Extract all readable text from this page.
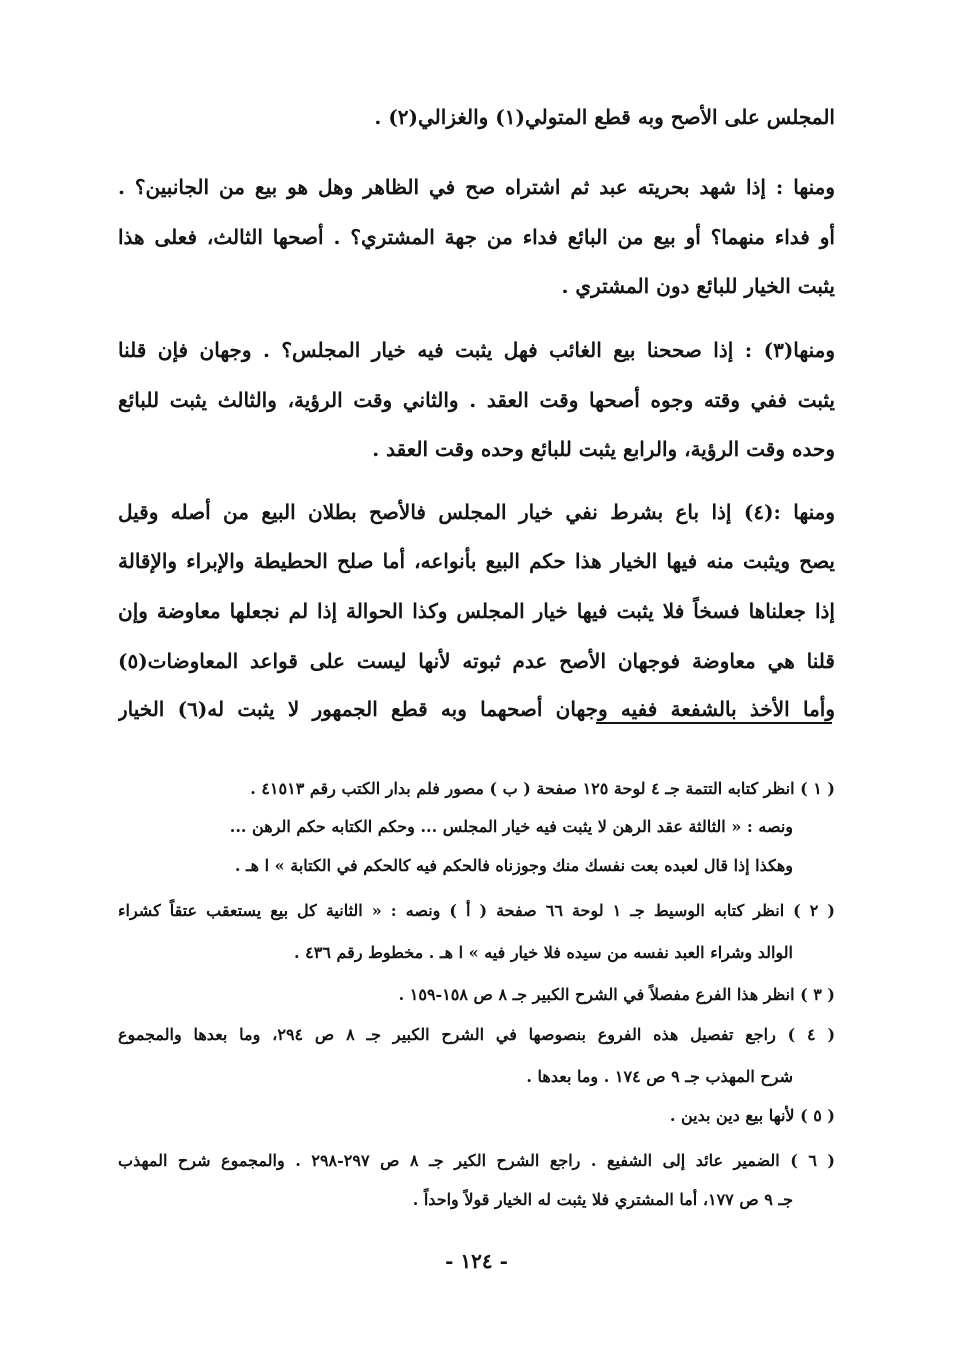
المجلس على الأصح وبه قطع المتولي(١) والغزالي(٢) .

ومنها : إذا شهد بحريته عبد ثم اشتراه صح في الظاهر وهل هو بيع من الجانبين؟ .

أو فداء منهما؟ أو بيع من البائع فداء من جهة المشتري؟ . أصحها الثالث، فعلى هذا

يثبت الخيار للبائع دون المشتري .

ومنها(٣) : إذا صححنا بيع الغائب فهل يثبت فيه خيار المجلس؟ . وجهان فإن قلنا

يثبت ففي وقته وجوه أصحها وقت العقد . والثاني وقت الرؤية، والثالث يثبت للبائع

وحده وقت الرؤية، والرابع يثبت للبائع وحده وقت العقد .

ومنها :(٤) إذا باع بشرط نفي خيار المجلس فالأصح بطلان البيع من أصله وقيل

يصح ويثبت منه فيها الخيار هذا حكم البيع بأنواعه، أما صلح الحطيطة والإبراء والإقالة

إذا جعلناها فسخاً فلا يثبت فيها خيار المجلس وكذا الحوالة إذا لم نجعلها معاوضة وإن

قلنا هي معاوضة فوجهان الأصح عدم ثبوته لأنها ليست على قواعد المعاوضات(٥)

وأما الأخذ بالشفعة ففيه وجهان أصحهما وبه قطع الجمهور لا يثبت له(٦) الخيار

( ١ ) انظر كتابه التتمة جـ ٤ لوحة ١٢٥ صفحة ( ب ) مصور فلم بدار الكتب رقم ٤١٥١٣ .

ونصه : « الثالثة عقد الرهن لا يثبت فيه خيار المجلس ... وحكم الكتابه حكم الرهن ...

وهكذا إذا قال لعبده بعت نفسك منك وجوزناه فالحكم فيه كالحكم في الكتابة » ا هـ .

( ٢ ) انظر كتابه الوسيط جـ ١ لوحة ٦٦ صفحة ( أ ) ونصه : « الثانية كل بيع يستعقب عتقاً كشراء

الوالد وشراء العبد نفسه من سيده فلا خيار فيه » ا هـ . مخطوط رقم ٤٣٦ .

( ٣ ) انظر هذا الفرع مفصلاً في الشرح الكبير جـ ٨ ص ١٥٨-١٥٩ .

( ٤ ) راجع تفصيل هذه الفروع بنصوصها في الشرح الكبير جـ ٨ ص ٢٩٤، وما بعدها والمجموع

شرح المهذب جـ ٩ ص ١٧٤ . وما بعدها .

( ٥ ) لأنها بيع دين بدين .

( ٦ ) الضمير عائد إلى الشفيع . راجع الشرح الكير جـ ٨ ص ٢٩٧-٢٩٨ . والمجموع شرح المهذب

جـ ٩ ص ١٧٧، أما المشتري فلا يثبت له الخيار قولاً واحداً .

- ١٢٤ -
